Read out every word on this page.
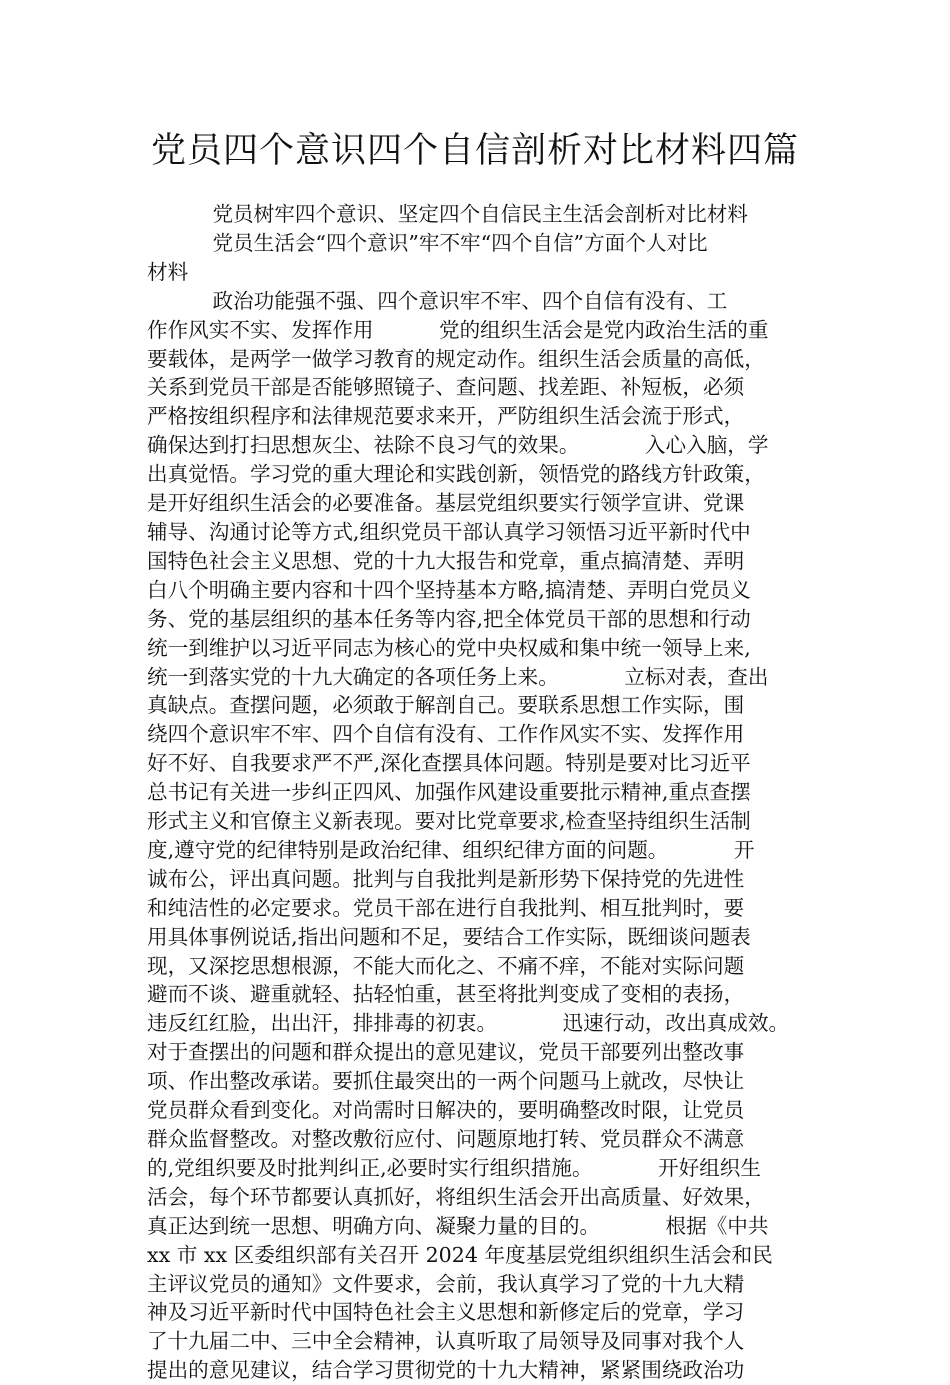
党员四个意识四个自信剖析对比材料四篇
党员树牢四个意识、坚定四个自信民主生活会剖析对比材料
党员生活会“四个意识”牢不牢“四个自信”方面个人对比
材料
政治功能强不强、四个意识牢不牢、四个自信有没有、工
作作风实不实、发挥作用          党的组织生活会是党内政治生活的重
要载体，是两学一做学习教育的规定动作。组织生活会质量的高低，
关系到党员干部是否能够照镜子、查问题、找差距、补短板，必须
严格按组织程序和法律规范要求来开，严防组织生活会流于形式，
确保达到打扫思想灰尘、祛除不良习气的效果。          入心入脑，学
出真觉悟。学习党的重大理论和实践创新，领悟党的路线方针政策，
是开好组织生活会的必要准备。基层党组织要实行领学宣讲、党课
辅导、沟通讨论等方式,组织党员干部认真学习领悟习近平新时代中
国特色社会主义思想、党的十九大报告和党章，重点搞清楚、弄明
白八个明确主要内容和十四个坚持基本方略,搞清楚、弄明白党员义
务、党的基层组织的基本任务等内容,把全体党员干部的思想和行动
统一到维护以习近平同志为核心的党中央权威和集中统一领导上来,
统一到落实党的十九大确定的各项任务上来。          立标对表，查出
真缺点。查摆问题，必须敢于解剖自己。要联系思想工作实际，围
绕四个意识牢不牢、四个自信有没有、工作作风实不实、发挥作用
好不好、自我要求严不严,深化查摆具体问题。特别是要对比习近平
总书记有关进一步纠正四风、加强作风建设重要批示精神,重点查摆
形式主义和官僚主义新表现。要对比党章要求,检查坚持组织生活制
度,遵守党的纪律特别是政治纪律、组织纪律方面的问题。          开
诚布公，评出真问题。批判与自我批判是新形势下保持党的先进性
和纯洁性的必定要求。党员干部在进行自我批判、相互批判时，要
用具体事例说话,指出问题和不足，要结合工作实际，既细谈问题表
现，又深挖思想根源，不能大而化之、不痛不痒，不能对实际问题
避而不谈、避重就轻、拈轻怕重，甚至将批判变成了变相的表扬，
违反红红脸，出出汗，排排毒的初衷。          迅速行动，改出真成效。
对于查摆出的问题和群众提出的意见建议，党员干部要列出整改事
项、作出整改承诺。要抓住最突出的一两个问题马上就改，尽快让
党员群众看到变化。对尚需时日解决的，要明确整改时限，让党员
群众监督整改。对整改敷衍应付、问题原地打转、党员群众不满意
的,党组织要及时批判纠正,必要时实行组织措施。          开好组织生
活会，每个环节都要认真抓好，将组织生活会开出高质量、好效果，
真正达到统一思想、明确方向、凝聚力量的目的。          根据《中共
xx 市 xx 区委组织部有关召开 2024 年度基层党组织组织生活会和民
主评议党员的通知》文件要求，会前，我认真学习了党的十九大精
神及习近平新时代中国特色社会主义思想和新修定后的党章，学习
了十九届二中、三中全会精神，认真听取了局领导及同事对我个人
提出的意见建议，结合学习贯彻党的十九大精神，紧紧围绕政治功
